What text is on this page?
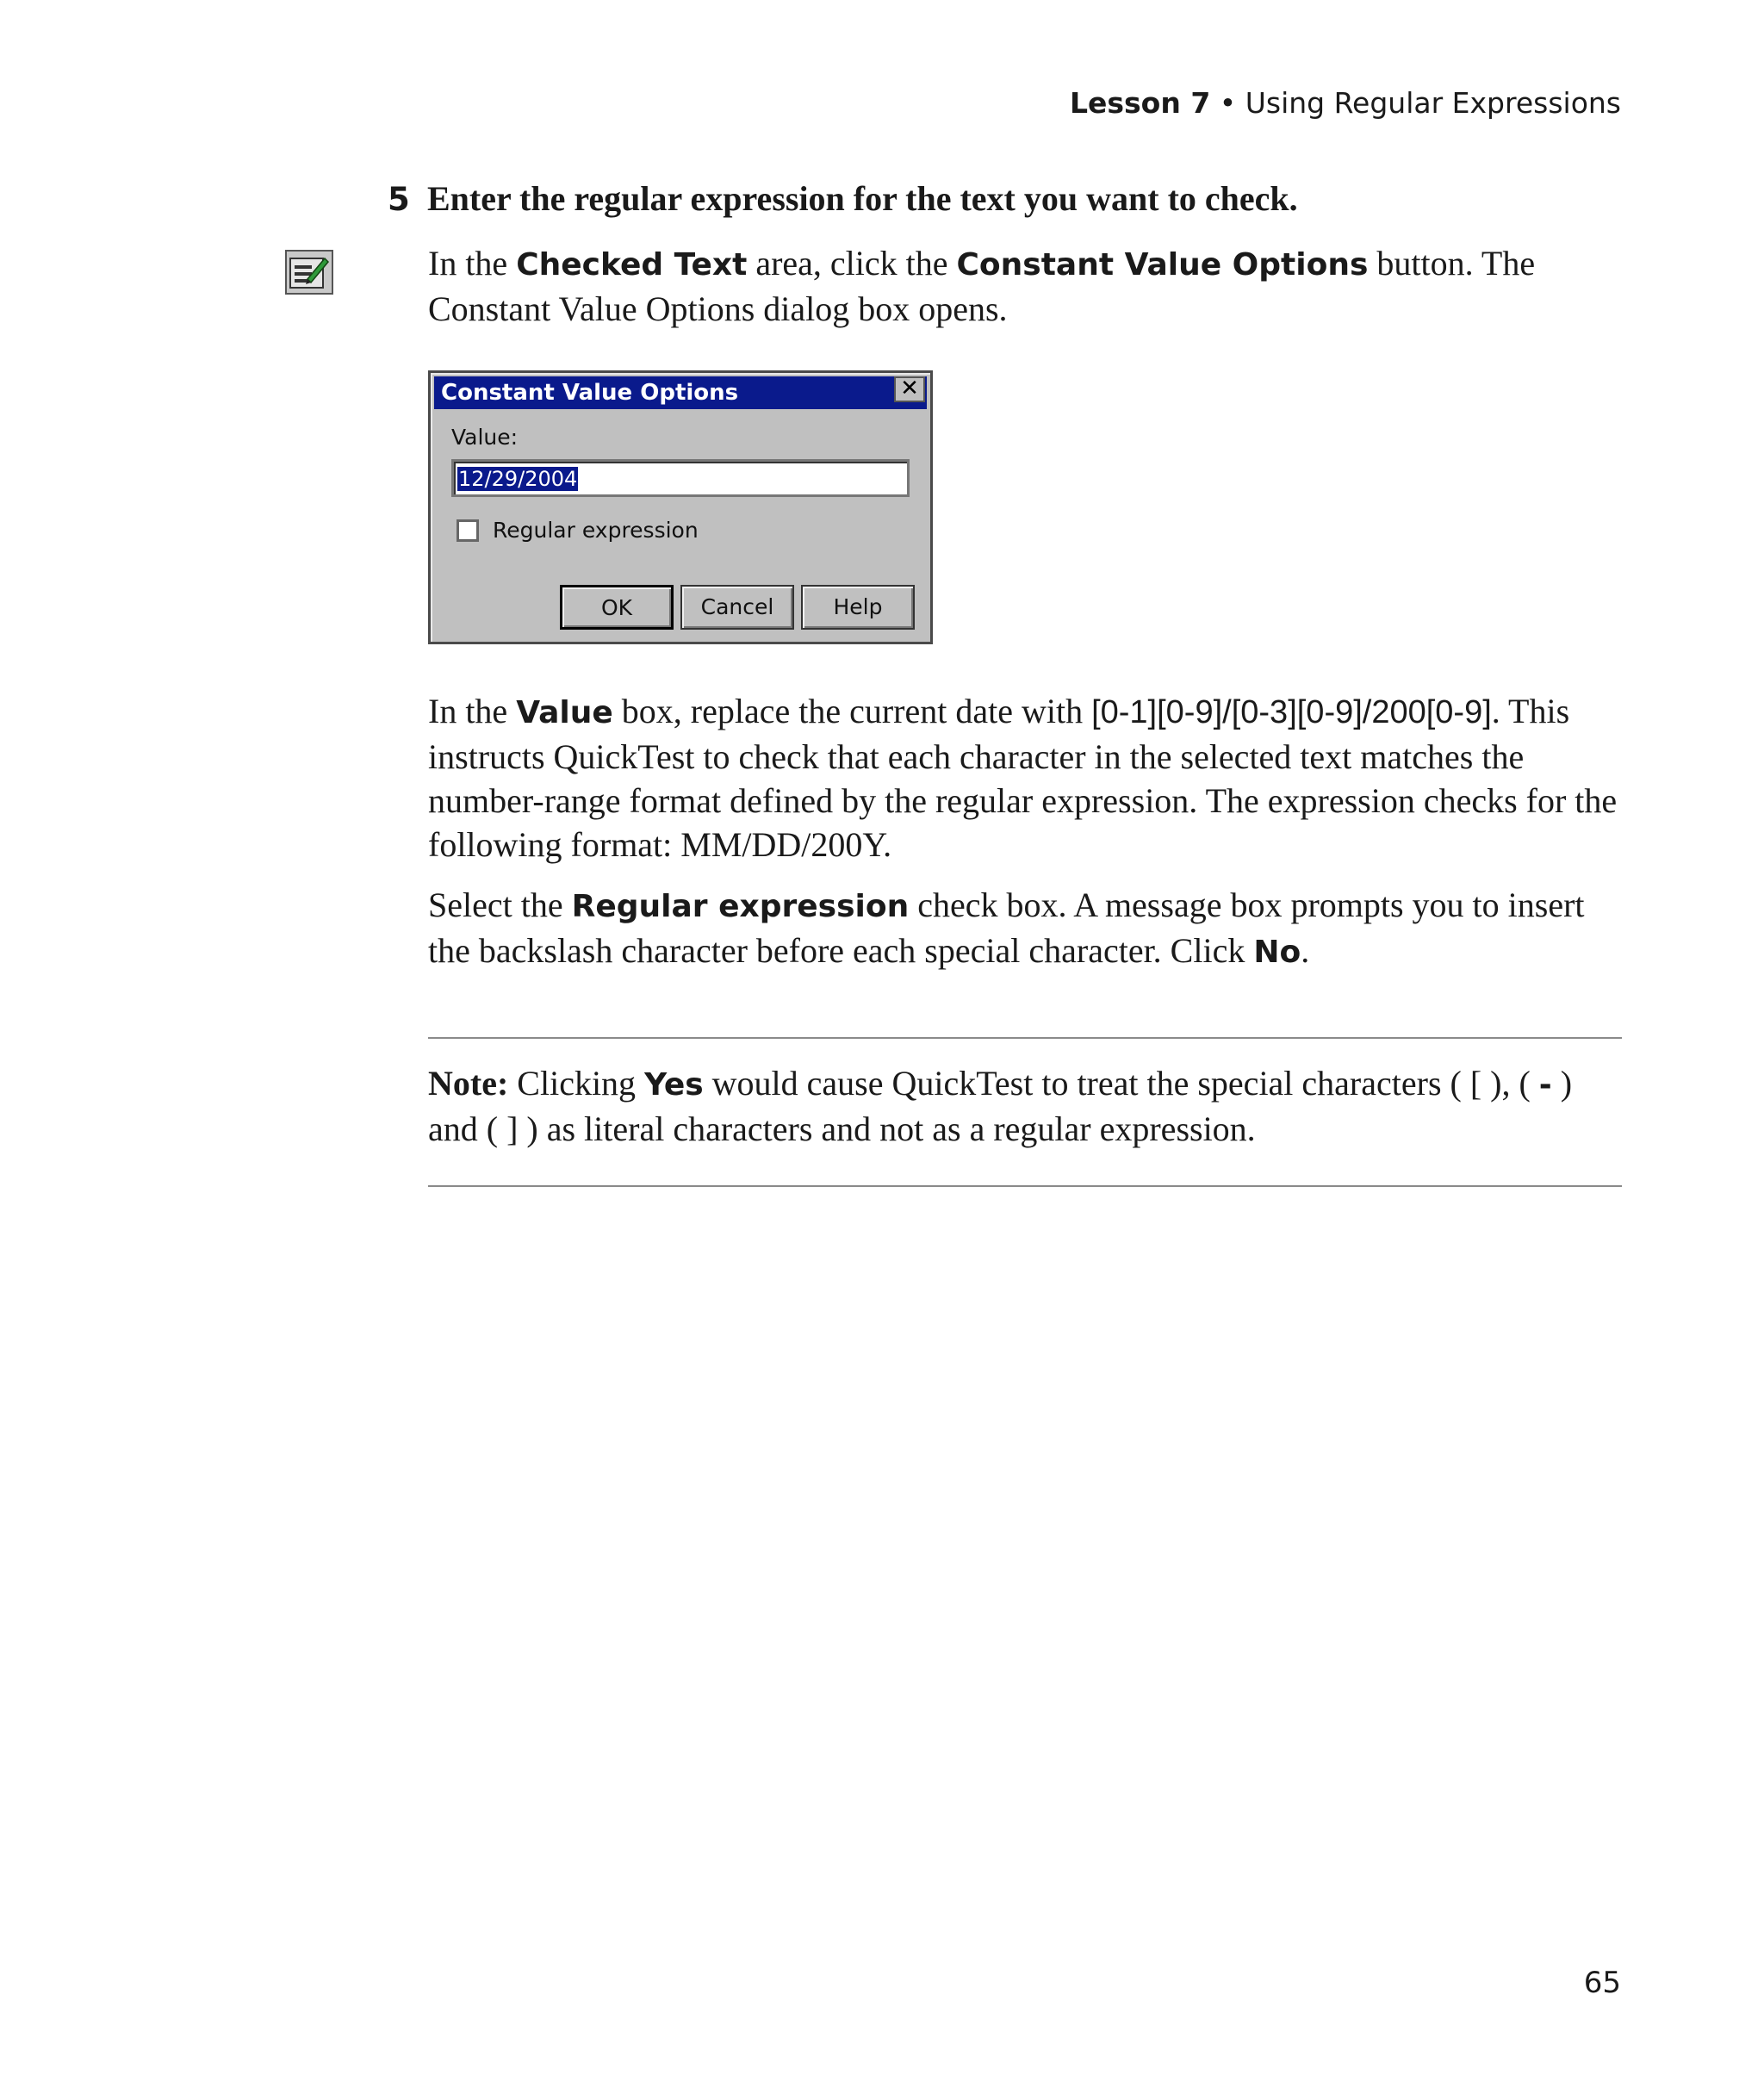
Lesson 7 • Using Regular Expressions
5 Enter the regular expression for the text you want to check.
In the Checked Text area, click the Constant Value Options button. The Constant Value Options dialog box opens.
Constant Value Options	✕
Value:
12/29/2004
Regular expression
OK	Cancel	Help
In the Value box, replace the current date with [0-1][0-9]/[0-3][0-9]/200[0-9]. This instructs QuickTest to check that each character in the selected text matches the number-range format defined by the regular expression. The expression checks for the following format: MM/DD/200Y.
Select the Regular expression check box. A message box prompts you to insert the backslash character before each special character. Click No.
Note: Clicking Yes would cause QuickTest to treat the special characters ( [ ), ( - ) and ( ] ) as literal characters and not as a regular expression.
65
